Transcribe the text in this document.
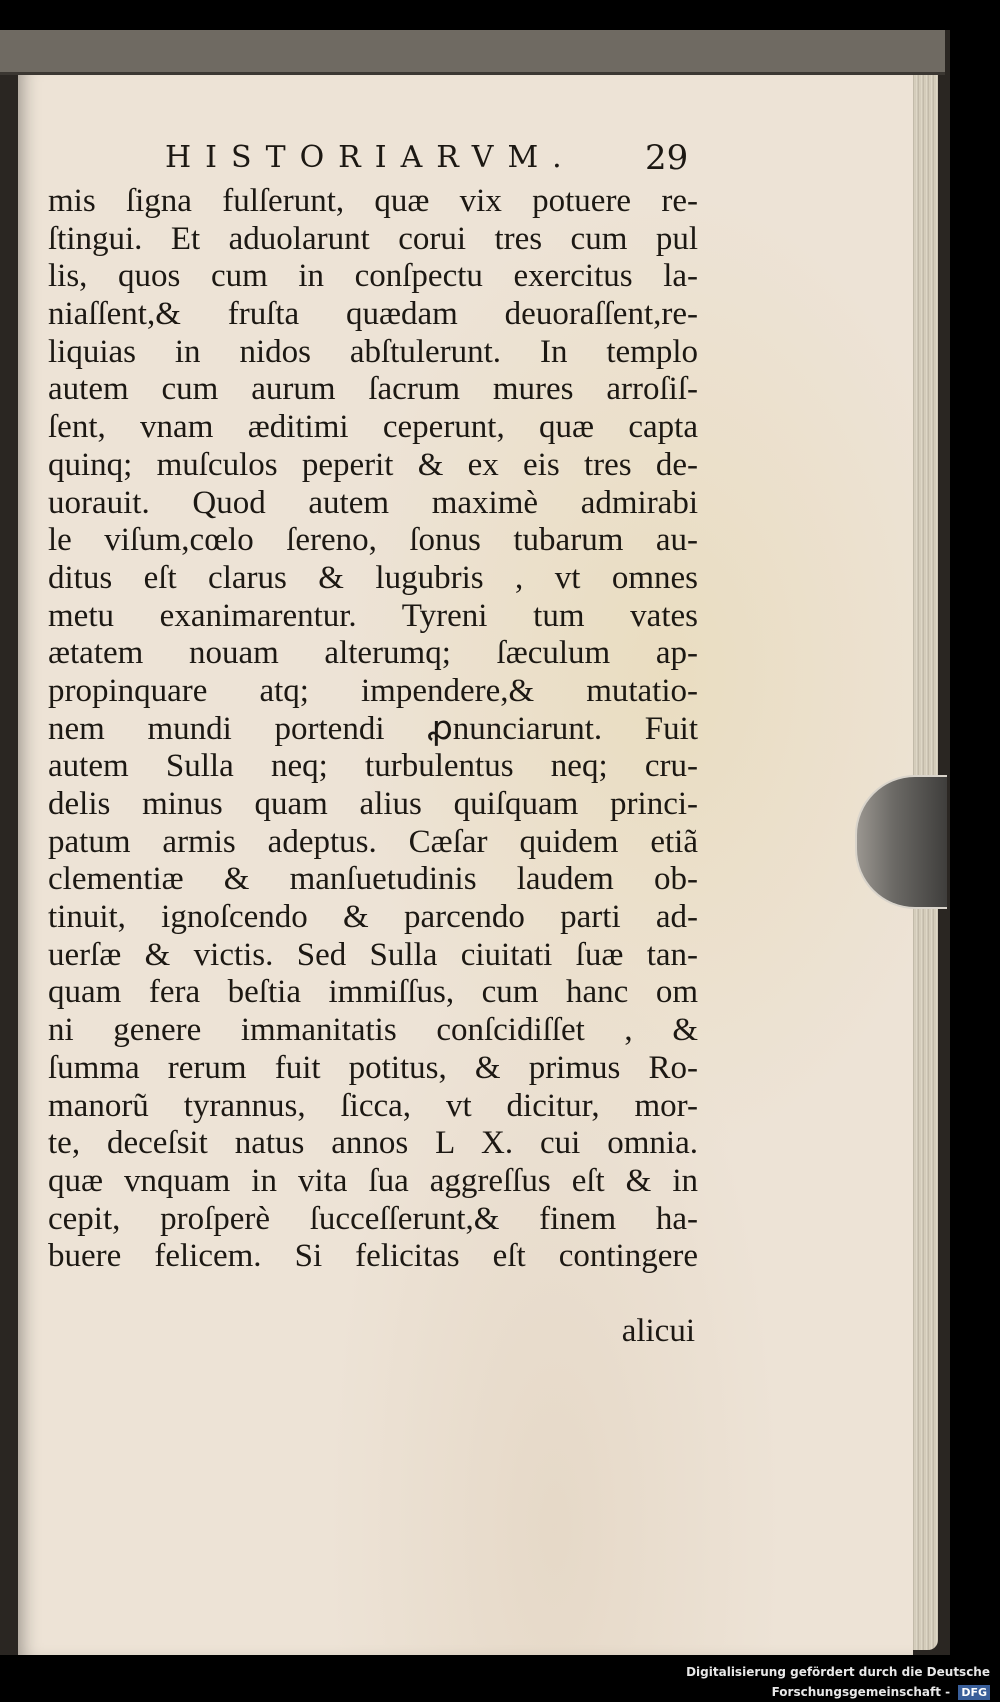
HISTORIARVM.	29
mis ſigna fulſerunt, quæ vix potuere re-
ſtingui. Et aduolarunt corui tres cum pul
lis, quos cum in conſpectu exercitus la-
niaſſent,& fruſta quædam deuoraſſent,re-
liquias in nidos abſtulerunt. In templo
autem cum aurum ſacrum mures arroſiſ-
ſent, vnam æditimi ceperunt, quæ capta
quinq; muſculos peperit & ex eis tres de-
uorauit. Quod autem maximè admirabi
le viſum,cœlo ſereno, ſonus tubarum au-
ditus eſt clarus & lugubris , vt omnes
metu exanimarentur. Tyreni tum vates
ætatem nouam alterumq; ſæculum ap-
propinquare atq; impendere,& mutatio-
nem mundi portendi ꝓnunciarunt. Fuit
autem Sulla neq; turbulentus neq; cru-
delis minus quam alius quiſquam princi-
patum armis adeptus. Cæſar quidem etiã
clementiæ & manſuetudinis laudem ob-
tinuit, ignoſcendo & parcendo parti ad-
uerſæ & victis. Sed Sulla ciuitati ſuæ tan-
quam fera beſtia immiſſus, cum hanc om
ni genere immanitatis conſcidiſſet , &
ſumma rerum fuit potitus, & primus Ro-
manorũ tyrannus, ſicca, vt dicitur, mor-
te, deceſsit natus annos L X. cui omnia.
quæ vnquam in vita ſua aggreſſus eſt & in
cepit, proſperè ſucceſſerunt,& finem ha-
buere felicem. Si felicitas eſt contingere
alicui
Digitalisierung gefördert durch die Deutsche Forschungsgemeinschaft - DFG
